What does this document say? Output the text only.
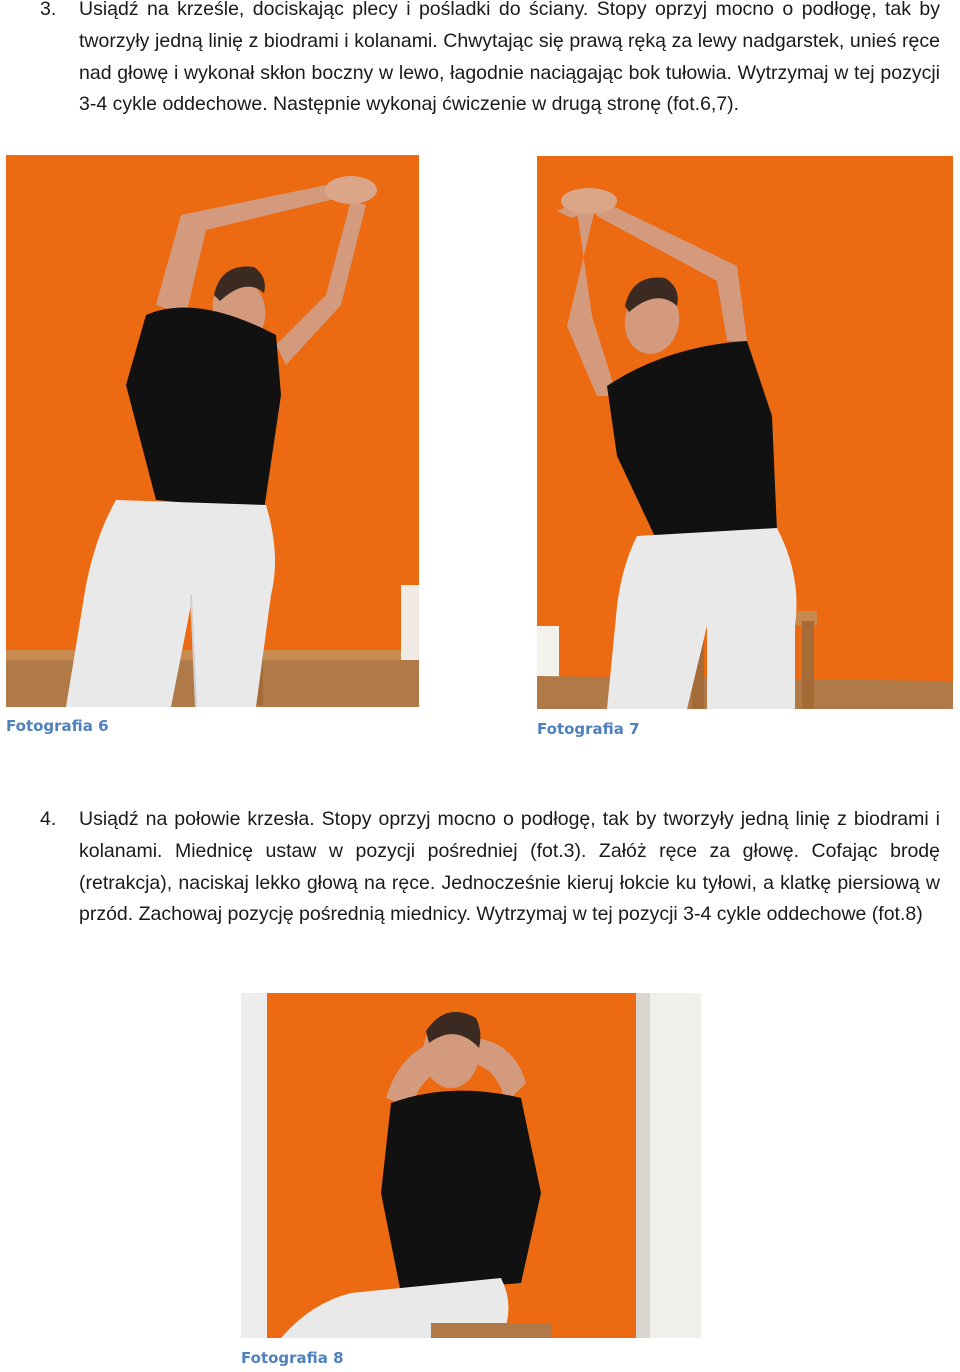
3. Usiądź na krześle, dociskając plecy i pośladki do ściany. Stopy oprzyj mocno o podłogę, tak by tworzyły jedną linię z biodrami i kolanami. Chwytając się prawą ręką za lewy nadgarstek, unieś ręce nad głowę i wykonał skłon boczny w lewo, łagodnie naciągając bok tułowia. Wytrzymaj w tej pozycji 3-4 cykle oddechowe. Następnie wykonaj ćwiczenie w drugą stronę (fot.6,7).
Fotografia 6	Fotografia 7
4. Usiądź na połowie krzesła. Stopy oprzyj mocno o podłogę, tak by tworzyły jedną linię z biodrami i kolanami. Miednicę ustaw w pozycji pośredniej (fot.3). Załóż ręce za głowę. Cofając brodę (retrakcja), naciskaj lekko głową na ręce. Jednocześnie kieruj łokcie ku tyłowi, a klatkę piersiową w przód. Zachowaj pozycję pośrednią miednicy. Wytrzymaj w tej pozycji 3-4 cykle oddechowe (fot.8)
Fotografia 8
